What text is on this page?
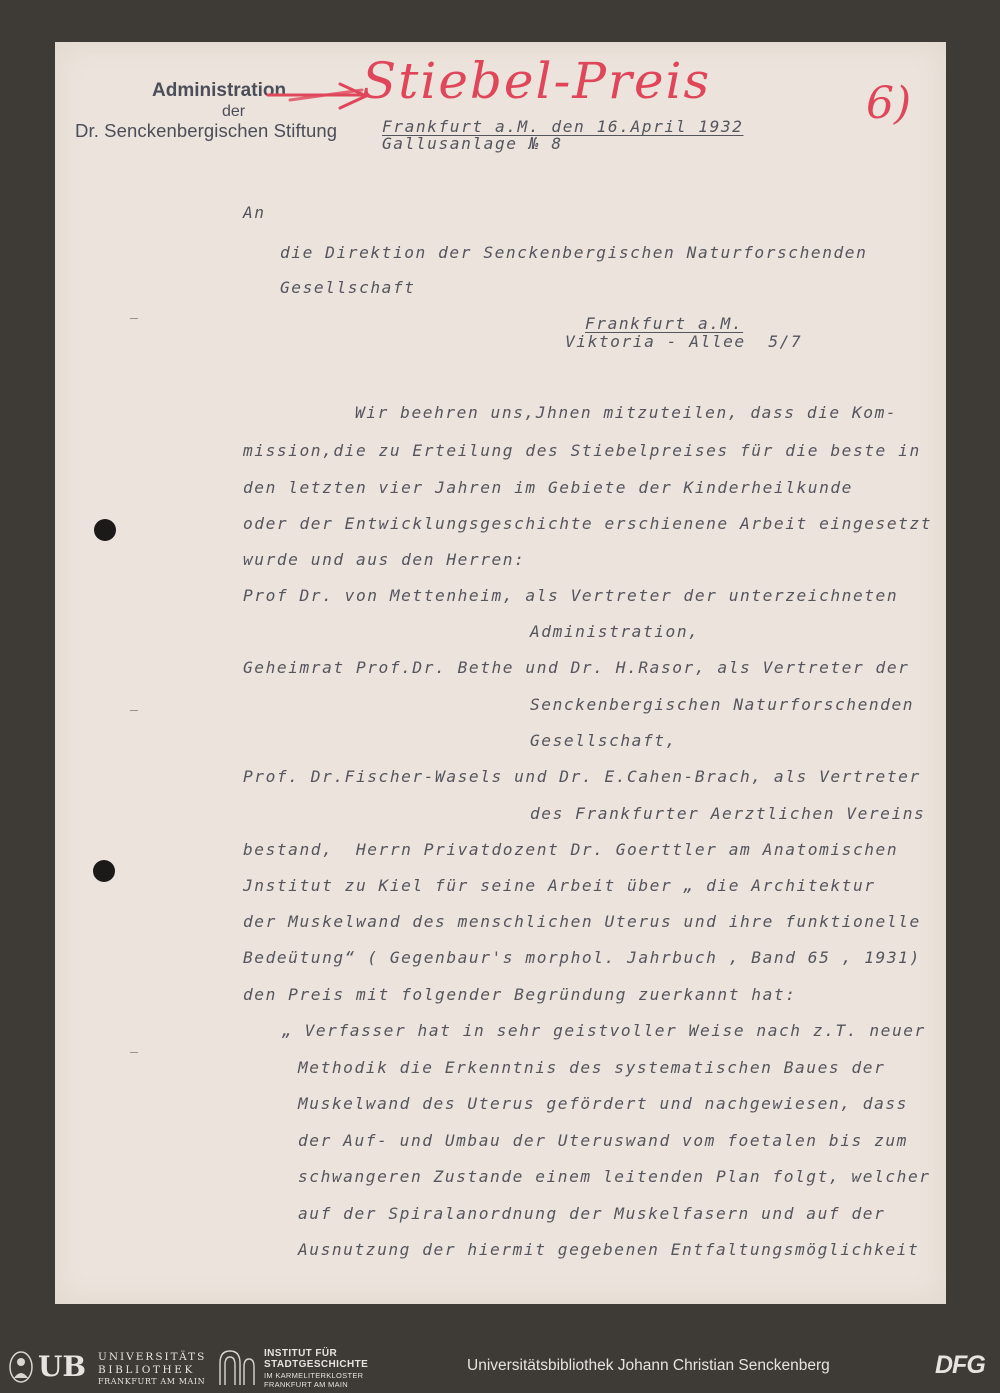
Administration
der
Dr. Senckenbergischen Stiftung
Stiebel-Preis	6)
Frankfurt a.M. den 16.April 1932
Gallusanlage № 8
An
die Direktion der Senckenbergischen Naturforschenden
Gesellschaft
Frankfurt a.M.
Viktoria - Allee  5/7
Wir beehren uns,Jhnen mitzuteilen, dass die Kom-
mission,die zu Erteilung des Stiebelpreises für die beste in
den letzten vier Jahren im Gebiete der Kinderheilkunde
oder der Entwicklungsgeschichte erschienene Arbeit eingesetzt
wurde und aus den Herren:
Prof Dr. von Mettenheim, als Vertreter der unterzeichneten
Administration,
Geheimrat Prof.Dr. Bethe und Dr. H.Rasor, als Vertreter der
Senckenbergischen Naturforschenden
Gesellschaft,
Prof. Dr.Fischer-Wasels und Dr. E.Cahen-Brach, als Vertreter
des Frankfurter Aerztlichen Vereins
bestand,  Herrn Privatdozent Dr. Goerttler am Anatomischen
Jnstitut zu Kiel für seine Arbeit über „ die Architektur
der Muskelwand des menschlichen Uterus und ihre funktionelle
Bedeütung“ ( Gegenbaur's morphol. Jahrbuch , Band 65 , 1931)
den Preis mit folgender Begründung zuerkannt hat:
„ Verfasser hat in sehr geistvoller Weise nach z.T. neuer
Methodik die Erkenntnis des systematischen Baues der
Muskelwand des Uterus gefördert und nachgewiesen, dass
der Auf- und Umbau der Uteruswand vom foetalen bis zum
schwangeren Zustande einem leitenden Plan folgt, welcher
auf der Spiralanordnung der Muskelfasern und auf der
Ausnutzung der hiermit gegebenen Entfaltungsmöglichkeit
UB UNIVERSITÄTS
BIBLIOTHEK
FRANKFURT AM MAIN
INSTITUT FÜR
STADTGESCHICHTE
IM KARMELITERKLOSTER
FRANKFURT AM MAIN
Universitätsbibliothek Johann Christian Senckenberg	DFG
